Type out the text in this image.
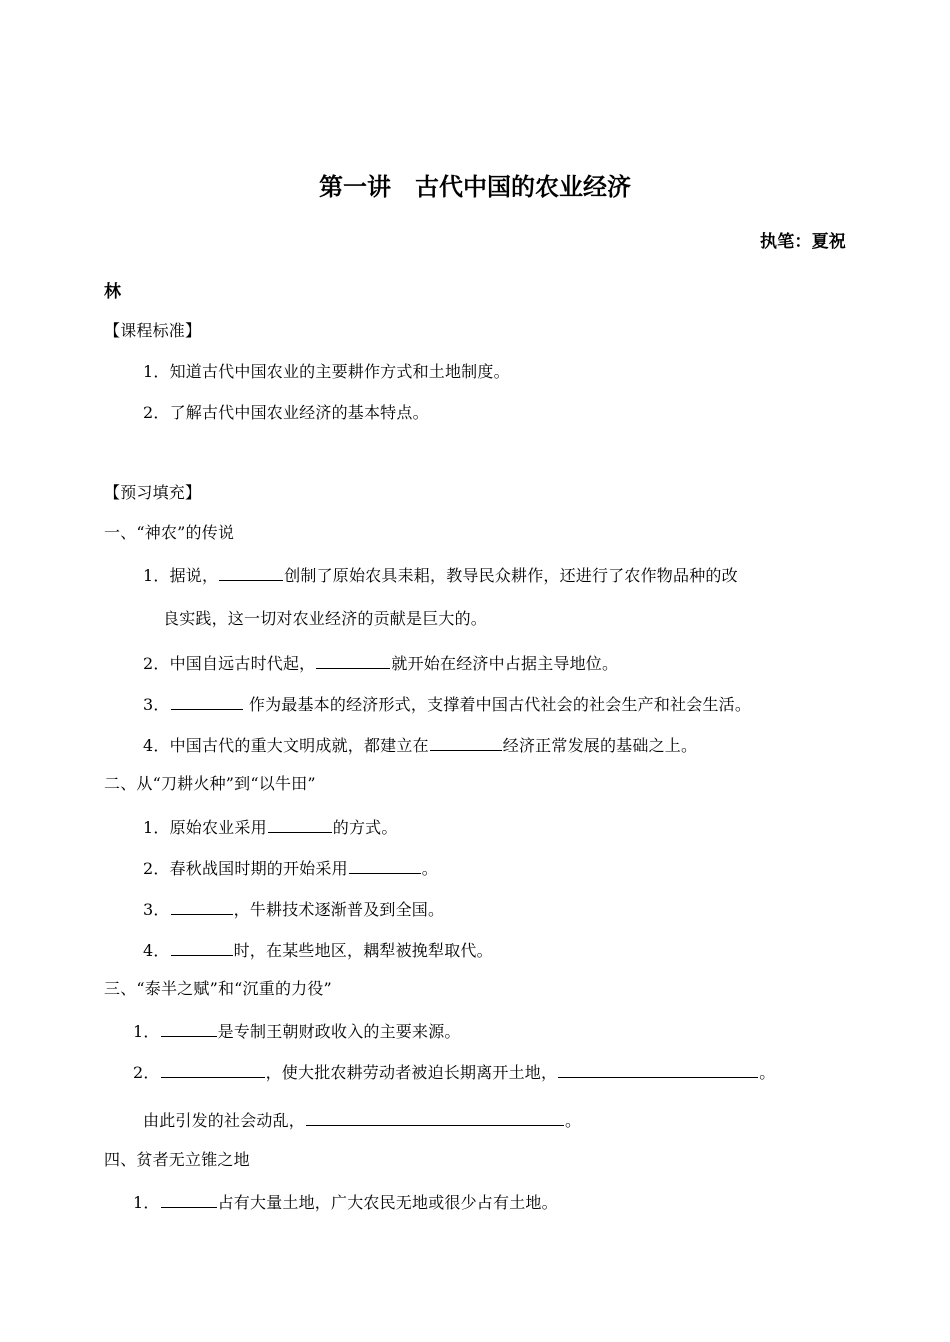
第一讲　古代中国的农业经济
执笔：夏祝
林
【课程标准】
1．知道古代中国农业的主要耕作方式和土地制度。
2．了解古代中国农业经济的基本特点。
【预习填充】
一、“神农”的传说
1．据说，	创制了原始农具耒耜，教导民众耕作，还进行了农作物品种的改
良实践，这一切对农业经济的贡献是巨大的。
2．中国自远古时代起，	就开始在经济中占据主导地位。
3．	作为最基本的经济形式，支撑着中国古代社会的社会生产和社会生活。
4．中国古代的重大文明成就，都建立在	经济正常发展的基础之上。
二、从“刀耕火种”到“以牛田”
1．原始农业采用	的方式。
2．春秋战国时期的开始采用	。
3．	，牛耕技术逐渐普及到全国。
4．	时，在某些地区，耦犁被挽犁取代。
三、“泰半之赋”和“沉重的力役”
1．	是专制王朝财政收入的主要来源。
2．	，使大批农耕劳动者被迫长期离开土地，	。
由此引发的社会动乱，	。
四、贫者无立锥之地
1．	占有大量土地，广大农民无地或很少占有土地。
